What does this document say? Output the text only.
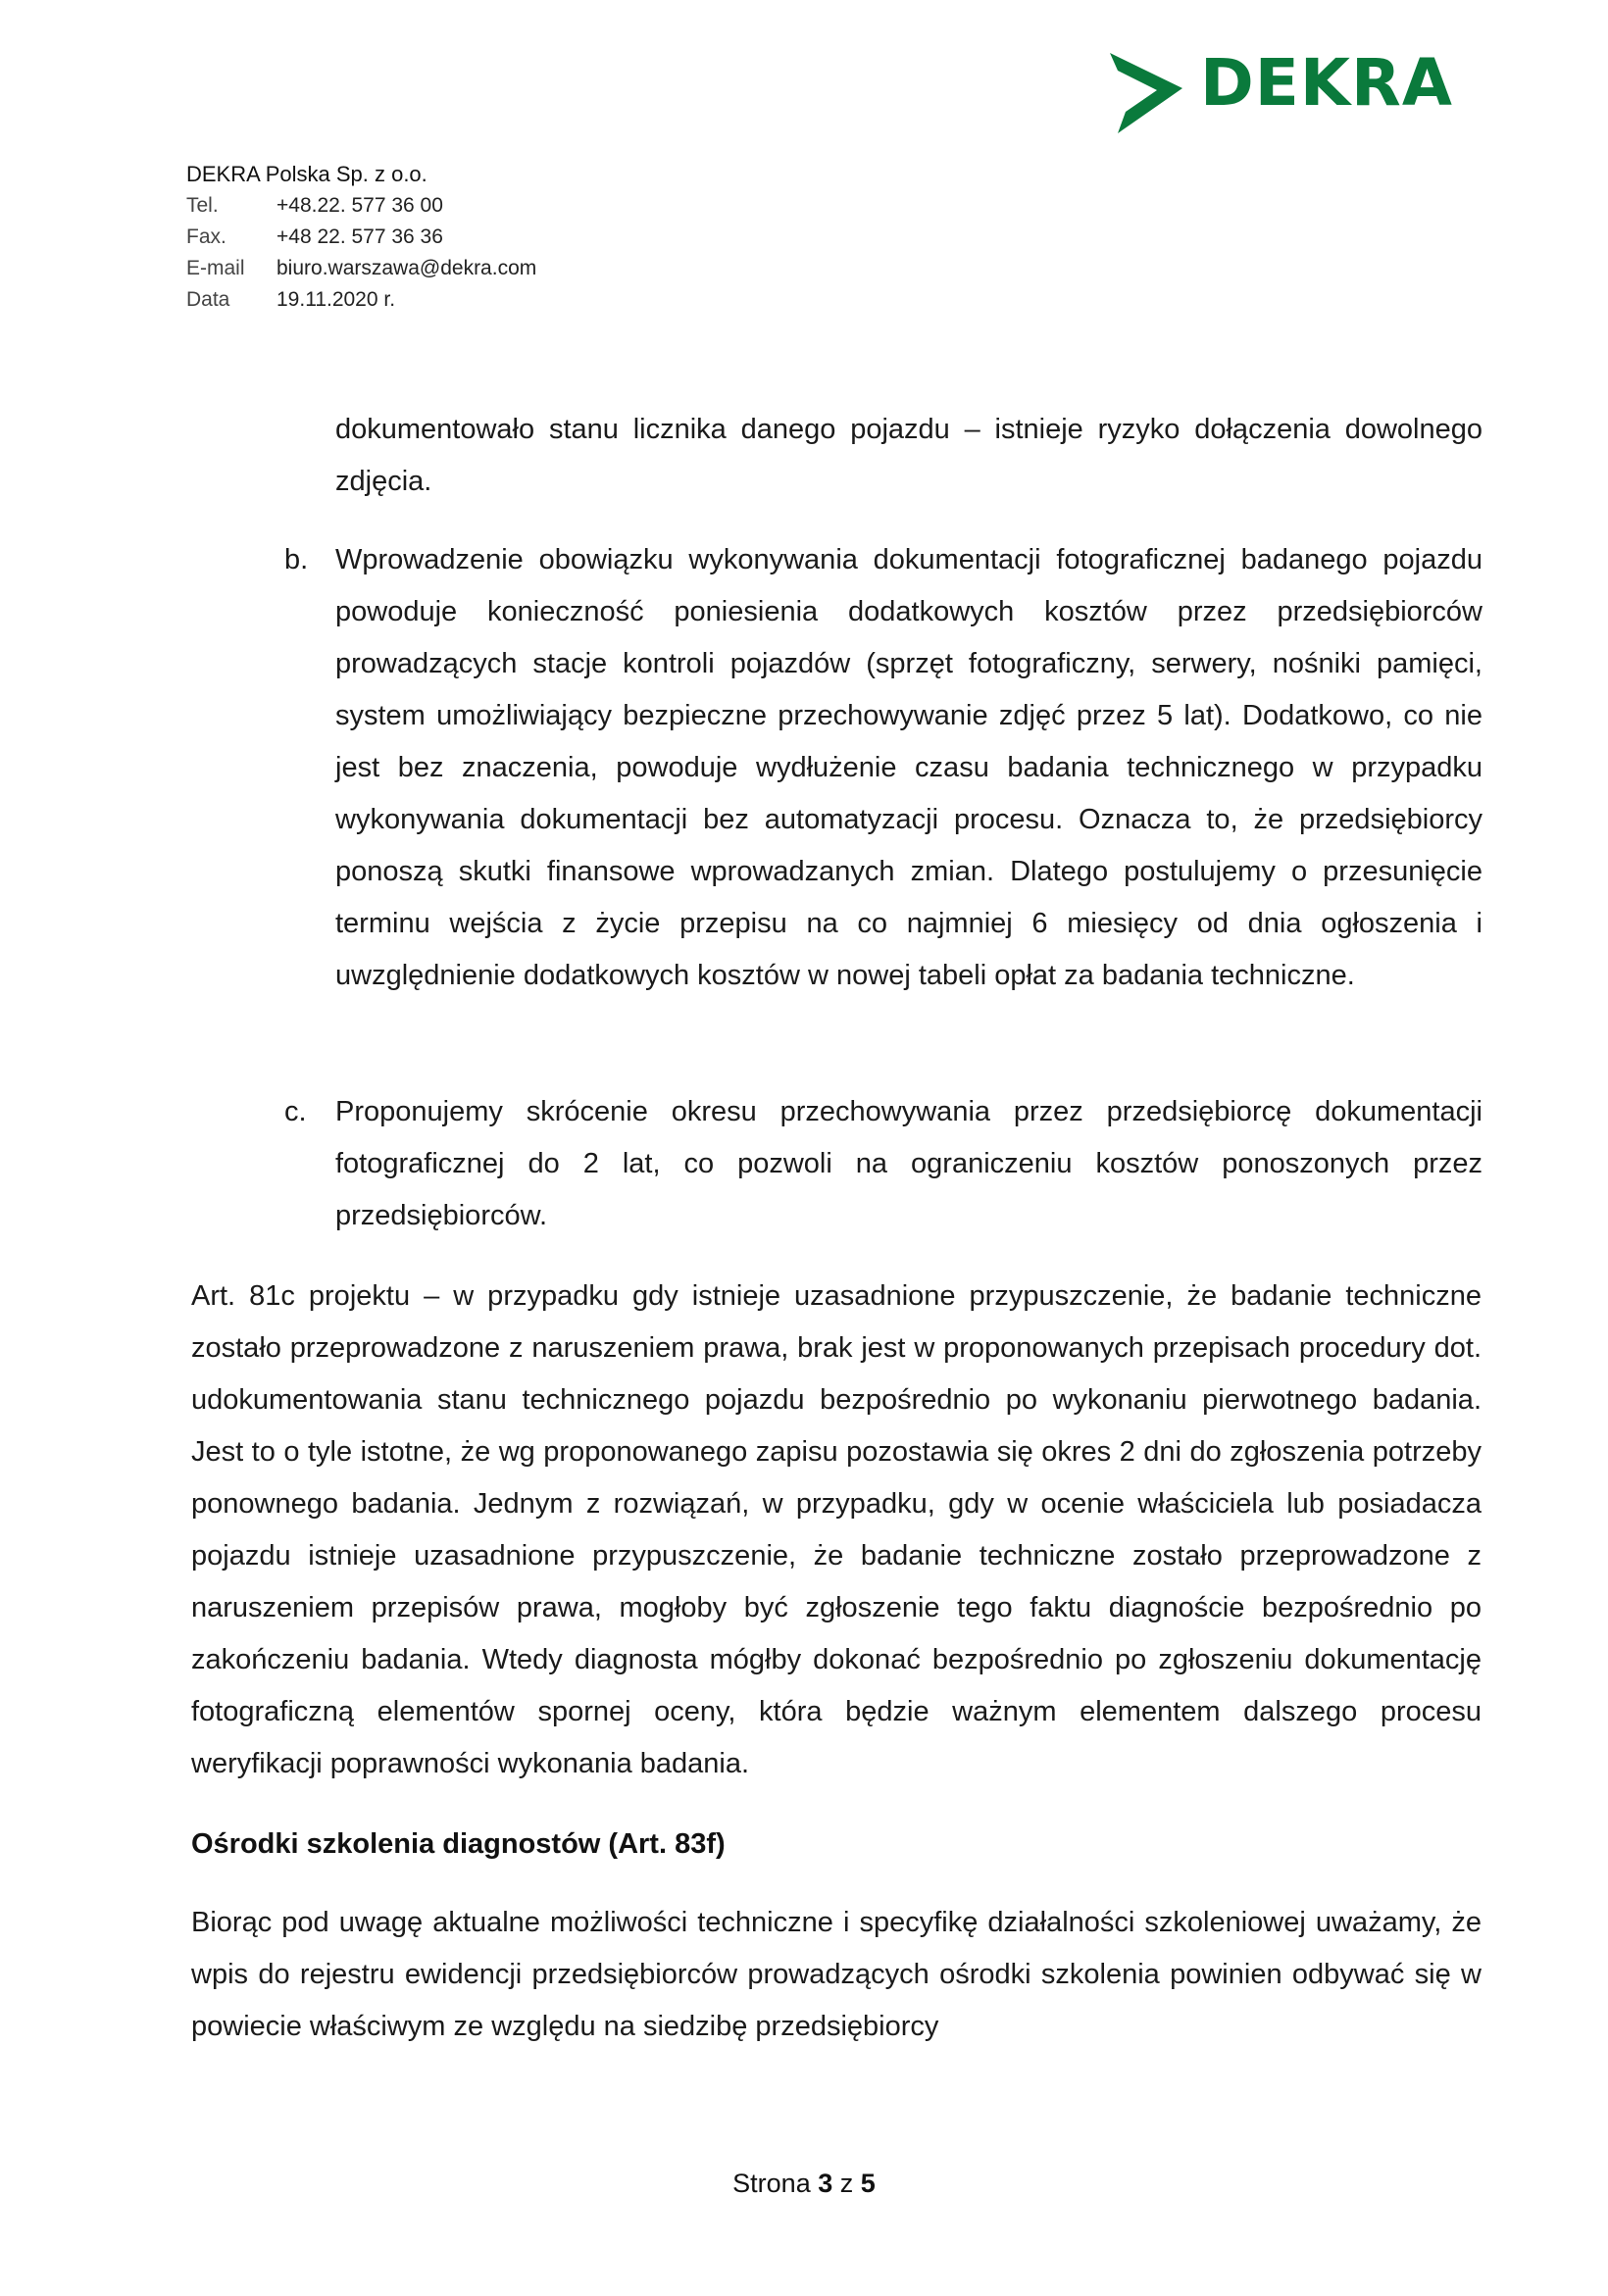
DEKRA
DEKRA Polska Sp. z o.o.
Tel.	+48.22. 577 36 00
Fax.	+48 22. 577 36 36
E-mail	biuro.warszawa@dekra.com
Data	19.11.2020 r.
dokumentowało stanu licznika danego pojazdu – istnieje ryzyko dołączenia dowolnego zdjęcia.
b. Wprowadzenie obowiązku wykonywania dokumentacji fotograficznej badanego pojazdu powoduje konieczność poniesienia dodatkowych kosztów przez przedsiębiorców prowadzących stacje kontroli pojazdów (sprzęt fotograficzny, serwery, nośniki pamięci, system umożliwiający bezpieczne przechowywanie zdjęć przez 5 lat). Dodatkowo, co nie jest bez znaczenia, powoduje wydłużenie czasu badania technicznego w przypadku wykonywania dokumentacji bez automatyzacji procesu. Oznacza to, że przedsiębiorcy ponoszą skutki finansowe wprowadzanych zmian. Dlatego postulujemy o przesunięcie terminu wejścia z życie przepisu na co najmniej 6 miesięcy od dnia ogłoszenia i uwzględnienie dodatkowych kosztów w nowej tabeli opłat za badania techniczne.
c. Proponujemy skrócenie okresu przechowywania przez przedsiębiorcę dokumentacji fotograficznej do 2 lat, co pozwoli na ograniczeniu kosztów ponoszonych przez przedsiębiorców.
Art. 81c projektu – w przypadku gdy istnieje uzasadnione przypuszczenie, że badanie techniczne zostało przeprowadzone z naruszeniem prawa, brak jest w proponowanych przepisach procedury dot. udokumentowania stanu technicznego pojazdu bezpośrednio po wykonaniu pierwotnego badania. Jest to o tyle istotne, że wg proponowanego zapisu pozostawia się okres 2 dni do zgłoszenia potrzeby ponownego badania. Jednym z rozwiązań, w przypadku, gdy w ocenie właściciela lub posiadacza pojazdu istnieje uzasadnione przypuszczenie, że badanie techniczne zostało przeprowadzone z naruszeniem przepisów prawa, mogłoby być zgłoszenie tego faktu diagnoście bezpośrednio po zakończeniu badania. Wtedy diagnosta mógłby dokonać bezpośrednio po zgłoszeniu dokumentację fotograficzną elementów spornej oceny, która będzie ważnym elementem dalszego procesu weryfikacji poprawności wykonania badania.
Ośrodki szkolenia diagnostów (Art. 83f)
Biorąc pod uwagę aktualne możliwości techniczne i specyfikę działalności szkoleniowej uważamy, że wpis do rejestru ewidencji przedsiębiorców prowadzących ośrodki szkolenia powinien odbywać się w powiecie właściwym ze względu na siedzibę przedsiębiorcy
Strona 3 z 5
